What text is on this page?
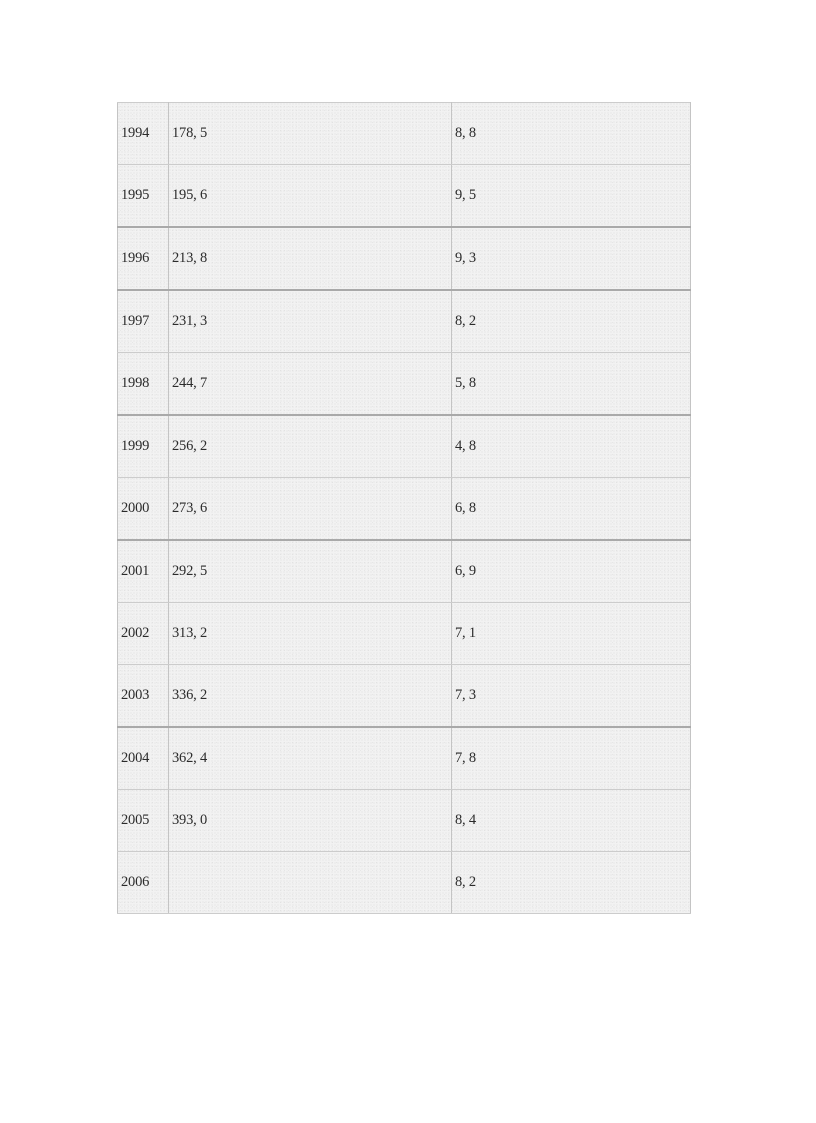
1994	178, 5	8, 8
1995	195, 6	9, 5
1996	213, 8	9, 3
1997	231, 3	8, 2
1998	244, 7	5, 8
1999	256, 2	4, 8
2000	273, 6	6, 8
2001	292, 5	6, 9
2002	313, 2	7, 1
2003	336, 2	7, 3
2004	362, 4	7, 8
2005	393, 0	8, 4
2006		8, 2
